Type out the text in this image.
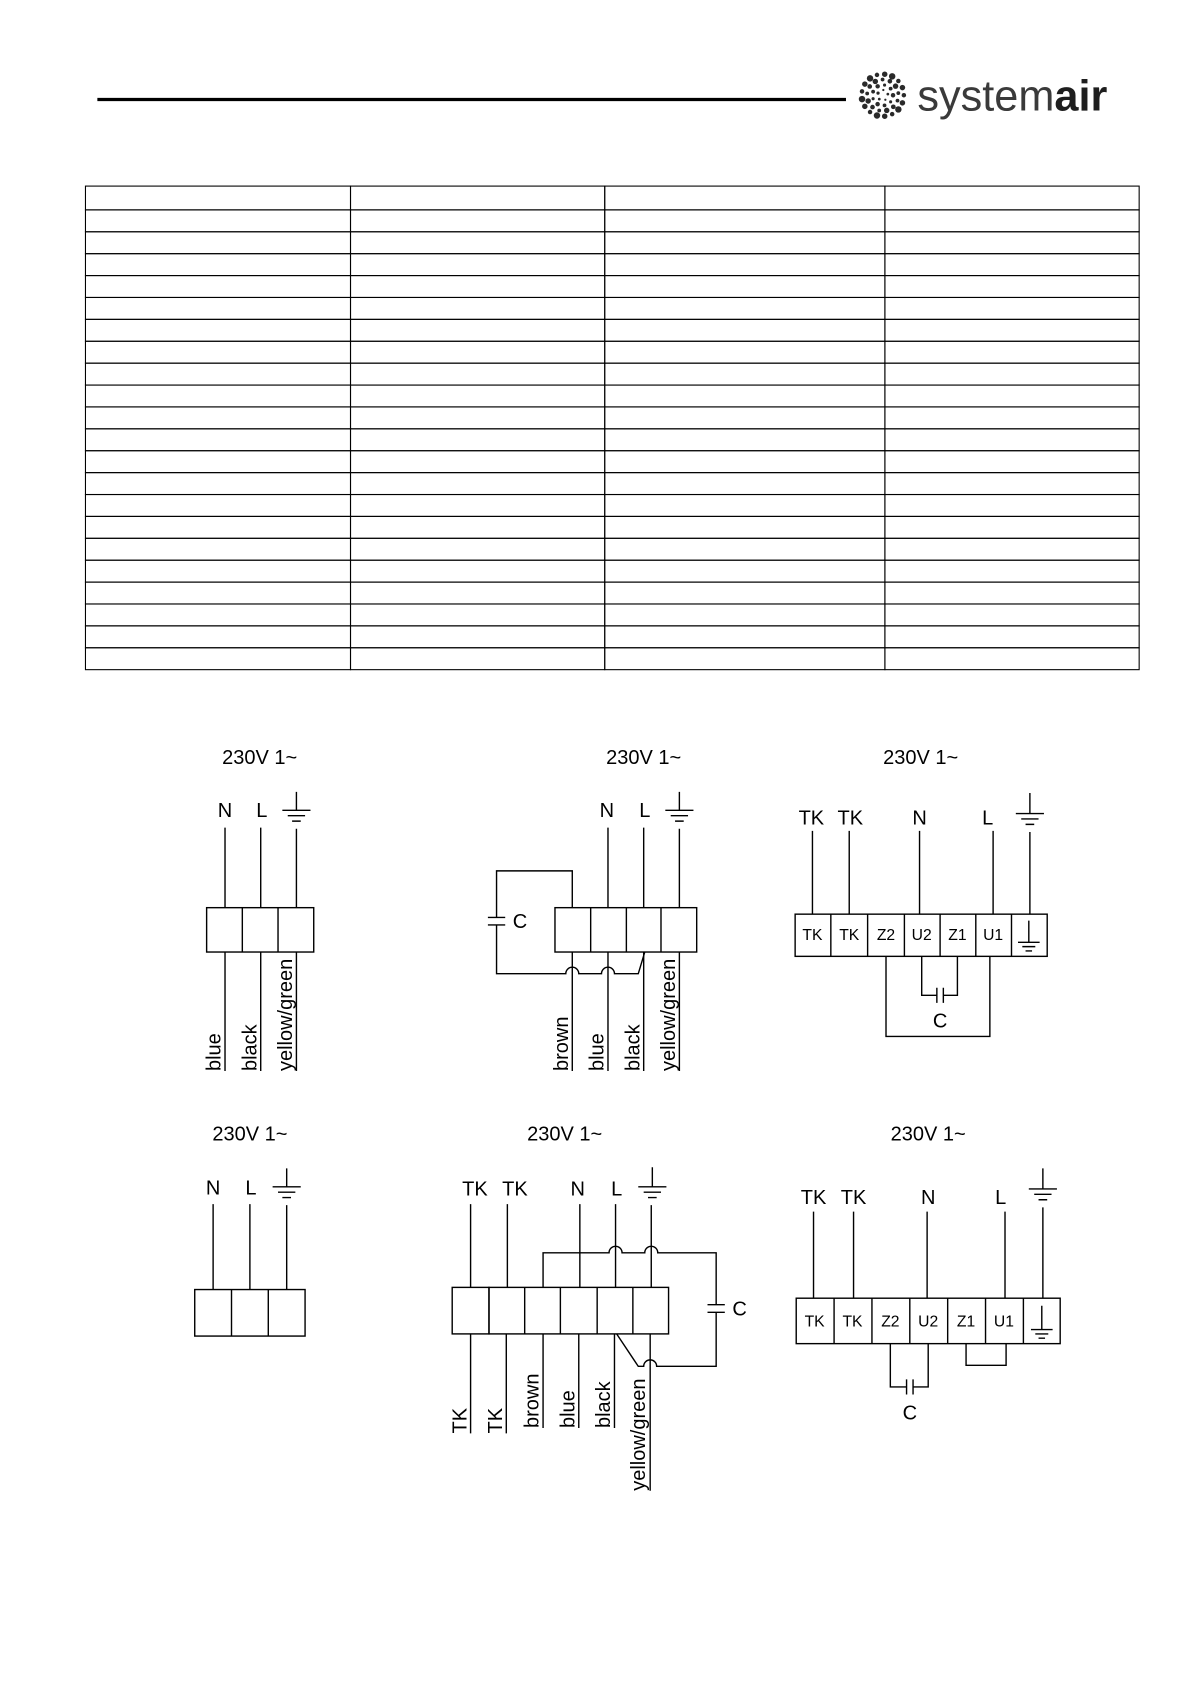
systemair
230V 1~
N L
blue black yellow/green
230V 1~
N L
C
brown blue black yellow/green
230V 1~
TK TK	N	L
TK TK Z2 U2 Z1 U1
C
230V 1~
N L
230V 1~
TK TK N L
C
TK TK brown blue black yellow/green
230V 1~
TK TK	N	L
TK TK Z2 U2 Z1 U1
C
